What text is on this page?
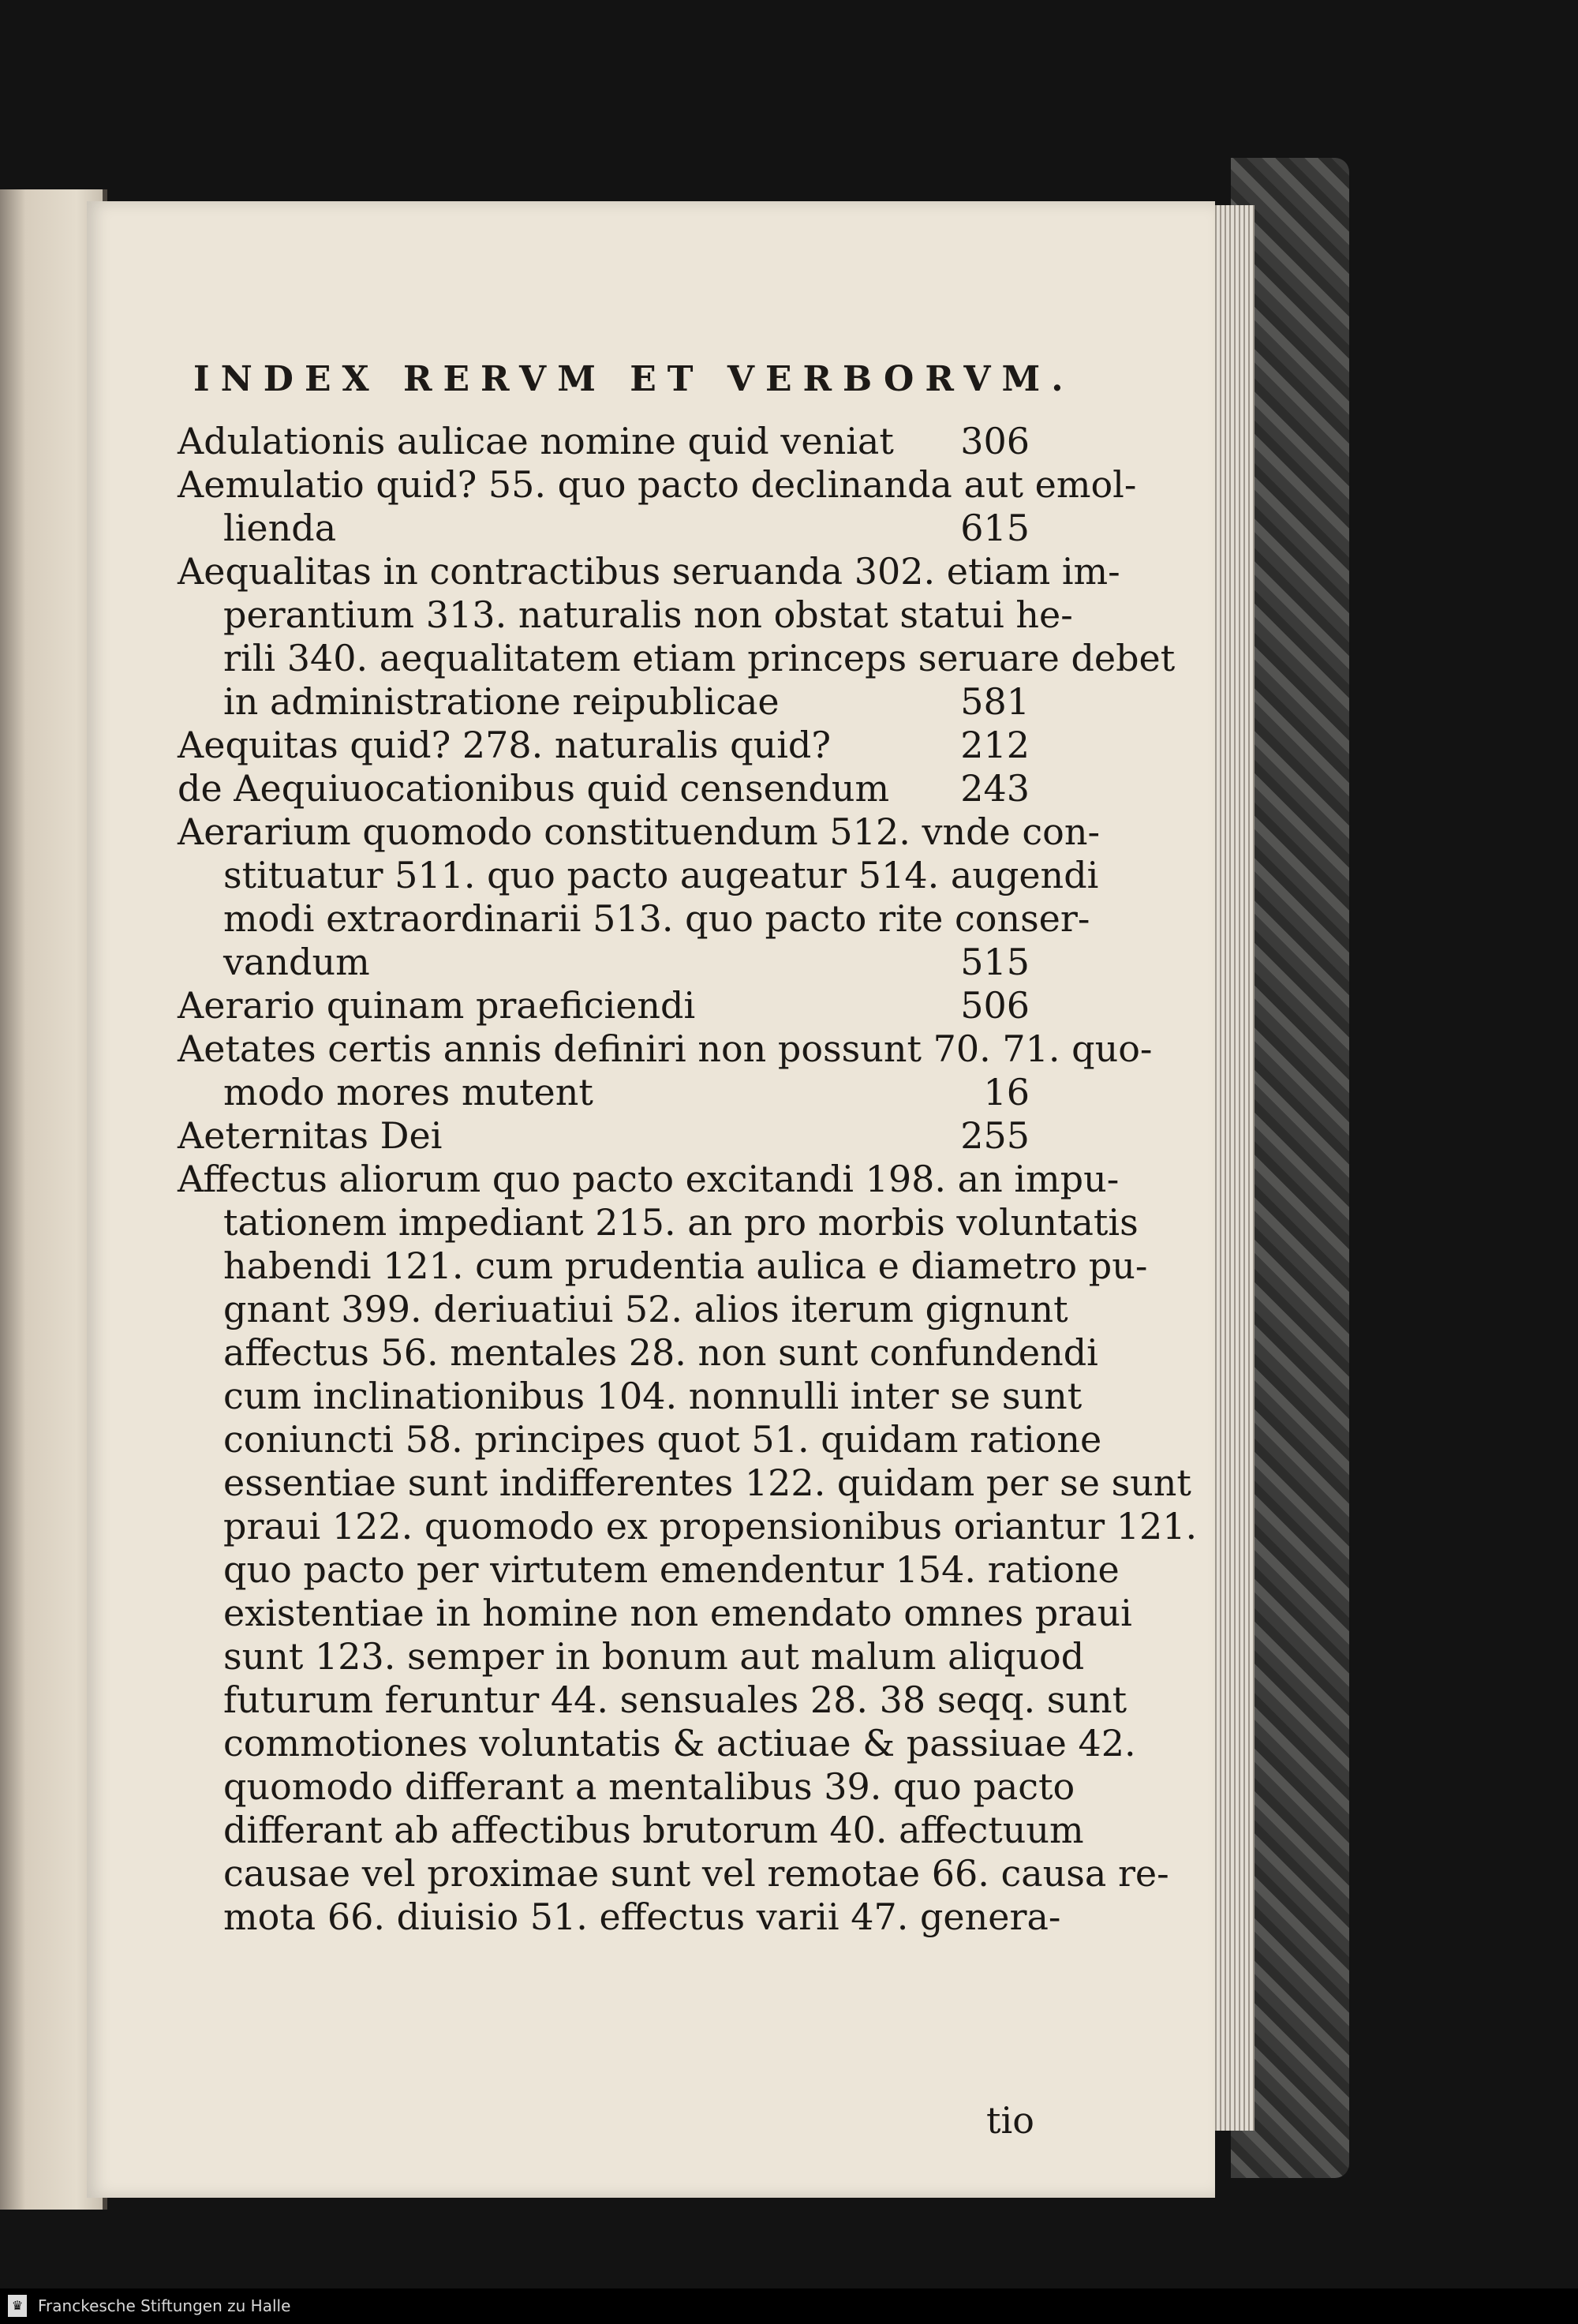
INDEX RERVM ET VERBORVM.
Adulationis aulicae nomine quid veniat	306
Aemulatio quid? 55. quo pacto declinanda aut emol-
lienda	615
Aequalitas in contractibus seruanda 302. etiam im-
perantium 313. naturalis non obstat statui he-
rili 340. aequalitatem etiam princeps seruare debet
in administratione reipublicae	581
Aequitas quid? 278. naturalis quid?	212
de Aequiuocationibus quid censendum	243
Aerarium quomodo constituendum 512. vnde con-
stituatur 511. quo pacto augeatur 514. augendi
modi extraordinarii 513. quo pacto rite conser-
vandum	515
Aerario quinam praeficiendi	506
Aetates certis annis definiri non possunt 70. 71. quo-
modo mores mutent	16
Aeternitas Dei	255
Affectus aliorum quo pacto excitandi 198. an impu-
tationem impediant 215. an pro morbis voluntatis
habendi 121. cum prudentia aulica e diametro pu-
gnant 399. deriuatiui 52. alios iterum gignunt
affectus 56. mentales 28. non sunt confundendi
cum inclinationibus 104. nonnulli inter se sunt
coniuncti 58. principes quot 51. quidam ratione
essentiae sunt indifferentes 122. quidam per se sunt
praui 122. quomodo ex propensionibus oriantur 121.
quo pacto per virtutem emendentur 154. ratione
existentiae in homine non emendato omnes praui
sunt 123. semper in bonum aut malum aliquod
futurum feruntur 44. sensuales 28. 38 seqq. sunt
commotiones voluntatis & actiuae & passiuae 42.
quomodo differant a mentalibus 39. quo pacto
differant ab affectibus brutorum 40. affectuum
causae vel proximae sunt vel remotae 66. causa re-
mota 66. diuisio 51. effectus varii 47. genera-
tio
♛ Franckesche Stiftungen zu Halle
